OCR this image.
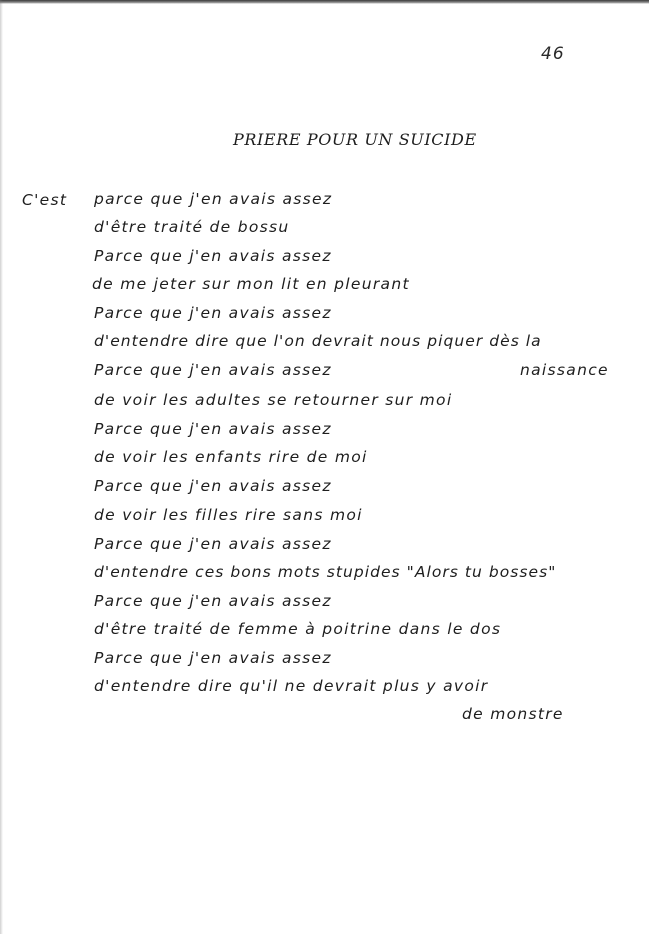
46
PRIERE POUR UN SUICIDE
C'est parce que j'en avais assez
d'être traité de bossu
Parce que j'en avais assez
de me jeter sur mon lit en pleurant
Parce que j'en avais assez
d'entendre dire que l'on devrait nous piquer dès la
Parce que j'en avais assez	naissance
de voir les adultes se retourner sur moi
Parce que j'en avais assez
de voir les enfants rire de moi
Parce que j'en avais assez
de voir les filles rire sans moi
Parce que j'en avais assez
d'entendre ces bons mots stupides "Alors tu bosses"
Parce que j'en avais assez
d'être traité de femme à poitrine dans le dos
Parce que j'en avais assez
d'entendre dire qu'il ne devrait plus y avoir
de monstre
